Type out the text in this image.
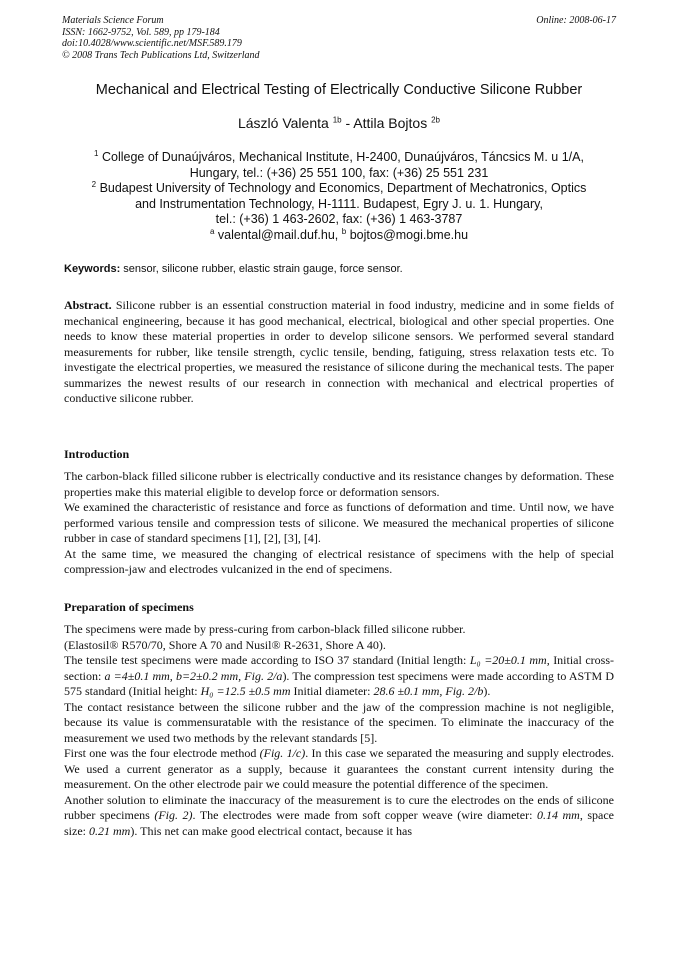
Materials Science Forum
ISSN: 1662-9752, Vol. 589, pp 179-184
doi:10.4028/www.scientific.net/MSF.589.179
© 2008 Trans Tech Publications Ltd, Switzerland
Online: 2008-06-17
Mechanical and Electrical Testing of Electrically Conductive Silicone Rubber
László Valenta $^{1b}$ - Attila Bojtos $^{2b}$
$^1$ College of Dunaújváros, Mechanical Institute, H-2400, Dunaújváros, Táncsics M. u 1/A,
Hungary, tel.: (+36) 25 551 100, fax: (+36) 25 551 231
$^2$ Budapest University of Technology and Economics, Department of Mechatronics, Optics
and Instrumentation Technology, H-1111. Budapest, Egry J. u. 1. Hungary,
tel.: (+36) 1 463-2602, fax: (+36) 1 463-3787
$^a$ valental@mail.duf.hu, $^b$ bojtos@mogi.bme.hu
Keywords: sensor, silicone rubber, elastic strain gauge, force sensor.

Abstract. Silicone rubber is an essential construction material in food industry, medicine and in some fields of mechanical engineering, because it has good mechanical, electrical, biological and other special properties. One needs to know these material properties in order to develop silicone sensors. We performed several standard measurements for rubber, like tensile strength, cyclic tensile, bending, fatiguing, stress relaxation tests etc. To investigate the electrical properties, we measured the resistance of silicone during the mechanical tests. The paper summarizes the newest results of our research in connection with mechanical and electrical properties of conductive silicone rubber.

Introduction

The carbon-black filled silicone rubber is electrically conductive and its resistance changes by deformation. These properties make this material eligible to develop force or deformation sensors.

We examined the characteristic of resistance and force as functions of deformation and time. Until now, we have performed various tensile and compression tests of silicone. We measured the mechanical properties of silicone rubber in case of standard specimens [1], [2], [3], [4].

At the same time, we measured the changing of electrical resistance of specimens with the help of special compression-jaw and electrodes vulcanized in the end of specimens.

Preparation of specimens

The specimens were made by press-curing from carbon-black filled silicone rubber.

(Elastosil® R570/70, Shore A 70 and Nusil® R-2631, Shore A 40).

The tensile test specimens were made according to ISO 37 standard (Initial length: L₀ =20±0.1 mm, Initial cross-section: a =4±0.1 mm, b=2±0.2 mm, Fig. 2/a). The compression test specimens were made according to ASTM D 575 standard (Initial height: H₀ =12.5 ±0.5 mm Initial diameter: 28.6 ±0.1 mm, Fig. 2/b).

The contact resistance between the silicone rubber and the jaw of the compression machine is not negligible, because its value is commensuratable with the resistance of the specimen. To eliminate the inaccuracy of the measurement we used two methods by the relevant standards [5].

First one was the four electrode method (Fig. 1/c). In this case we separated the measuring and supply electrodes. We used a current generator as a supply, because it guarantees the constant current intensity during the measurement. On the other electrode pair we could measure the potential difference of the specimen.

Another solution to eliminate the inaccuracy of the measurement is to cure the electrodes on the ends of silicone rubber specimens (Fig. 2). The electrodes were made from soft copper weave (wire diameter: 0.14 mm, space size: 0.21 mm). This net can make good electrical contact, because it has
